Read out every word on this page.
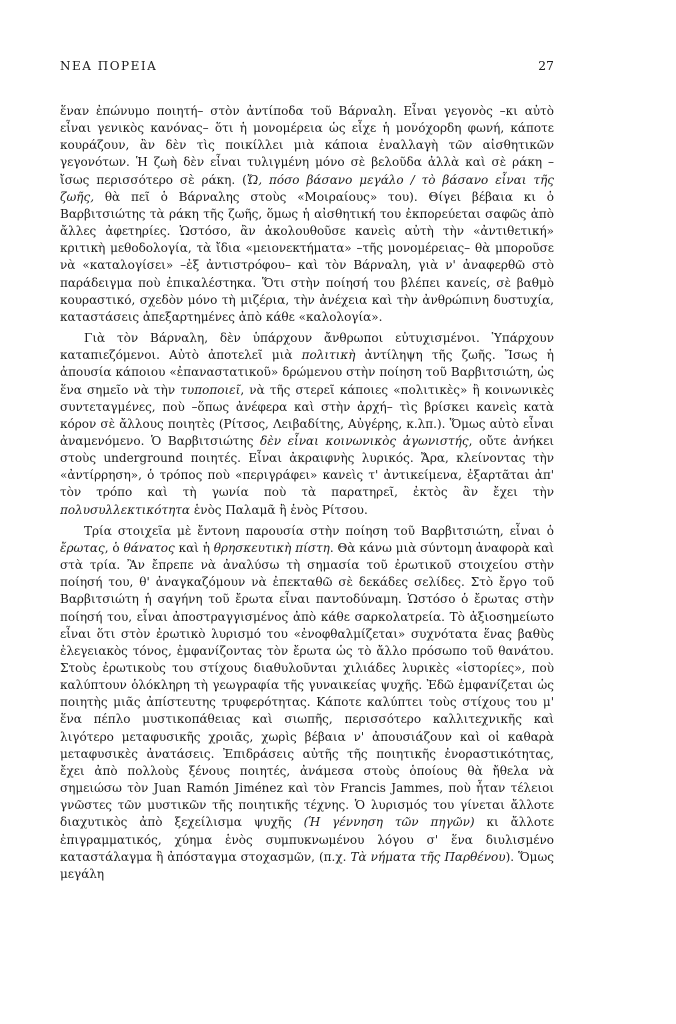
ΝΕΑ ΠΟΡΕΙΑ	27

ἕναν ἐπώνυμο ποιητή– στὸν ἀντίποδα τοῦ Βάρναλη. Εἶναι γεγονὸς –κι αὐτὸ εἶναι γενικὸς κανόνας– ὅτι ἡ μονομέρεια ὡς εἶχε ἡ μονόχορδη φωνή, κάποτε κουράζουν, ἂν δὲν τὶς ποικίλλει μιὰ κάποια ἐναλλαγὴ τῶν αἰσθητικῶν γεγονότων. Ἡ ζωὴ δὲν εἶναι τυλιγμένη μόνο σὲ βελοῦδα ἀλλὰ καὶ σὲ ράκη –ἴσως περισσότερο σὲ ράκη. (Ὤ, πόσο βάσανο μεγάλο / τὸ βάσανο εἶναι τῆς ζωῆς, θὰ πεῖ ὁ Βάρναλης στοὺς «Μοιραίους» του). Θίγει βέβαια κι ὁ Βαρβιτσιώτης τὰ ράκη τῆς ζωῆς, ὅμως ἡ αἰσθητική του ἐκπορεύεται σαφῶς ἀπὸ ἄλλες ἀφετηρίες. Ὡστόσο, ἂν ἀκολουθοῦσε κανεὶς αὐτὴ τὴν «ἀντιθετική» κριτικὴ μεθοδολογία, τὰ ἴδια «μειονεκτήματα» –τῆς μονομέρειας– θὰ μποροῦσε νὰ «καταλογίσει» –ἐξ ἀντιστρόφου– καὶ τὸν Βάρναλη, γιὰ ν' ἀναφερθῶ στὸ παράδειγμα ποὺ ἐπικαλέστηκα. Ὅτι στὴν ποίησή του βλέπει κανείς, σὲ βαθμὸ κουραστικό, σχεδὸν μόνο τὴ μιζέρια, τὴν ἀνέχεια καὶ τὴν ἀνθρώπινη δυστυχία, καταστάσεις ἀπεξαρτημένες ἀπὸ κάθε «καλολογία».

Γιὰ τὸν Βάρναλη, δὲν ὑπάρχουν ἄνθρωποι εὐτυχισμένοι. Ὑπάρχουν καταπιεζόμενοι. Αὐτὸ ἀποτελεῖ μιὰ πολιτικὴ ἀντίληψη τῆς ζωῆς. Ἴσως ἡ ἀπουσία κάποιου «ἐπαναστατικοῦ» δρώμενου στὴν ποίηση τοῦ Βαρβιτσιώτη, ὡς ἕνα σημεῖο νὰ τὴν τυποποιεῖ, νὰ τῆς στερεῖ κάποιες «πολιτικὲς» ἢ κοινωνικὲς συντεταγμένες, ποὺ –ὅπως ἀνέφερα καὶ στὴν ἀρχή– τὶς βρίσκει κανεὶς κατὰ κόρον σὲ ἄλλους ποιητὲς (Ρίτσος, Λειβαδίτης, Αὐγέρης, κ.λπ.). Ὅμως αὐτὸ εἶναι ἀναμενόμενο. Ὁ Βαρβιτσιώτης δὲν εἶναι κοινωνικὸς ἀγωνιστής, οὔτε ἀνήκει στοὺς underground ποιητές. Εἶναι ἀκραιφνὴς λυρικός. Ἄρα, κλείνοντας τὴν «ἀντίρρηση», ὁ τρόπος ποὺ «περιγράφει» κανεὶς τ' ἀντικείμενα, ἐξαρτᾶται ἀπ' τὸν τρόπο καὶ τὴ γωνία ποὺ τὰ παρατηρεῖ, ἐκτὸς ἂν ἔχει τὴν πολυσυλλεκτικότητα ἑνὸς Παλαμᾶ ἢ ἑνὸς Ρίτσου.

Τρία στοιχεῖα μὲ ἔντονη παρουσία στὴν ποίηση τοῦ Βαρβιτσιώτη, εἶναι ὁ ἔρωτας, ὁ θάνατος καὶ ἡ θρησκευτικὴ πίστη. Θὰ κάνω μιὰ σύντομη ἀναφορὰ καὶ στὰ τρία. Ἂν ἔπρεπε νὰ ἀναλύσω τὴ σημασία τοῦ ἐρωτικοῦ στοιχείου στὴν ποίησή του, θ' ἀναγκαζόμουν νὰ ἐπεκταθῶ σὲ δεκάδες σελίδες. Στὸ ἔργο τοῦ Βαρβιτσιώτη ἡ σαγήνη τοῦ ἔρωτα εἶναι παντοδύναμη. Ὡστόσο ὁ ἔρωτας στὴν ποίησή του, εἶναι ἀποστραγγισμένος ἀπὸ κάθε σαρκολατρεία. Τὸ ἀξιοσημείωτο εἶναι ὅτι στὸν ἐρωτικὸ λυρισμό του «ἐνοφθαλμίζεται» συχνότατα ἕνας βαθὺς ἐλεγειακὸς τόνος, ἐμφανίζοντας τὸν ἔρωτα ὡς τὸ ἄλλο πρόσωπο τοῦ θανάτου. Στοὺς ἐρωτικοὺς του στίχους διαθυλοῦνται χιλιάδες λυρικὲς «ἱστορίες», ποὺ καλύπτουν ὁλόκληρη τὴ γεωγραφία τῆς γυναικείας ψυχῆς. Ἐδῶ ἐμφανίζεται ὡς ποιητὴς μιᾶς ἀπίστευτης τρυφερότητας. Κάποτε καλύπτει τοὺς στίχους του μ' ἕνα πέπλο μυστικοπάθειας καὶ σιωπῆς, περισσότερο καλλιτεχνικῆς καὶ λιγότερο μεταφυσικῆς χροιᾶς, χωρὶς βέβαια ν' ἀπουσιάζουν καὶ οἱ καθαρὰ μεταφυσικὲς ἀνατάσεις. Ἐπιδράσεις αὐτῆς τῆς ποιητικῆς ἐνοραστικότητας, ἔχει ἀπὸ πολλοὺς ξένους ποιητές, ἀνάμεσα στοὺς ὁποίους θὰ ἤθελα νὰ σημειώσω τὸν Juan Ramón Jiménez καὶ τὸν Francis Jammes, ποὺ ἦταν τέλειοι γνῶστες τῶν μυστικῶν τῆς ποιητικῆς τέχνης. Ὁ λυρισμός του γίνεται ἄλλοτε διαχυτικὸς ἀπὸ ξεχείλισμα ψυχῆς (Ἡ γέννηση τῶν πηγῶν) κι ἄλλοτε ἐπιγραμματικός, χύημα ἑνὸς συμπυκνωμένου λόγου σ' ἕνα διυλισμένο καταστάλαγμα ἢ ἀπόσταγμα στοχασμῶν, (π.χ. Τὰ νήματα τῆς Παρθένου). Ὅμως μεγάλη
